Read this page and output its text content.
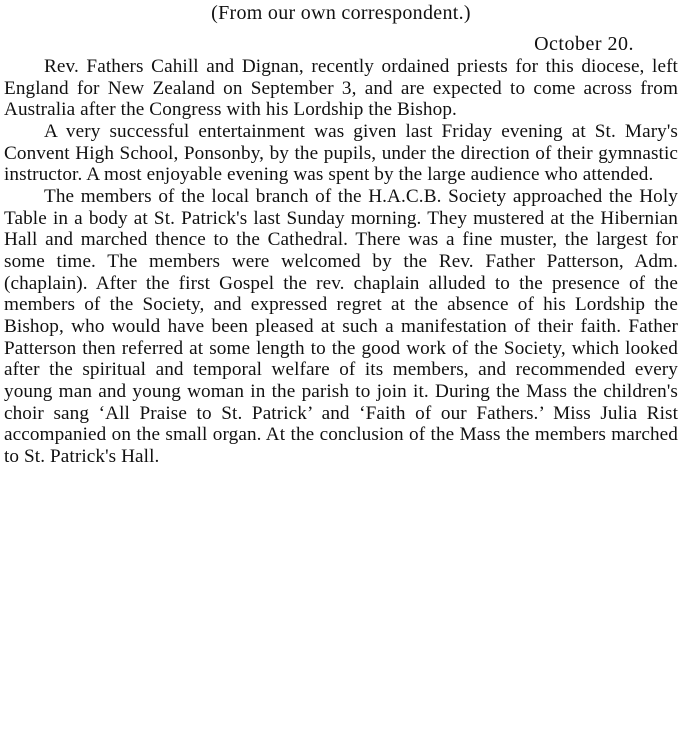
(From our own correspondent.)
October 20.

Rev. Fathers Cahill and Dignan, recently ordained priests for this diocese, left England for New Zealand on September 3, and are expected to come across from Australia after the Congress with his Lordship the Bishop.

A very successful entertainment was given last Friday evening at St. Mary's Convent High School, Ponsonby, by the pupils, under the direction of their gymnastic instructor. A most enjoyable evening was spent by the large audience who attended.

The members of the local branch of the H.A.C.B. Society approached the Holy Table in a body at St. Patrick's last Sunday morning. They mustered at the Hibernian Hall and marched thence to the Cathedral. There was a fine muster, the largest for some time. The members were welcomed by the Rev. Father Patterson, Adm. (chaplain). After the first Gospel the rev. chaplain alluded to the presence of the members of the Society, and expressed regret at the absence of his Lordship the Bishop, who would have been pleased at such a manifestation of their faith. Father Patterson then referred at some length to the good work of the Society, which looked after the spiritual and temporal welfare of its members, and recommended every young man and young woman in the parish to join it. During the Mass the children's choir sang ‘All Praise to St. Patrick’ and ‘Faith of our Fathers.’ Miss Julia Rist accompanied on the small organ. At the conclusion of the Mass the members marched to St. Patrick's Hall.
